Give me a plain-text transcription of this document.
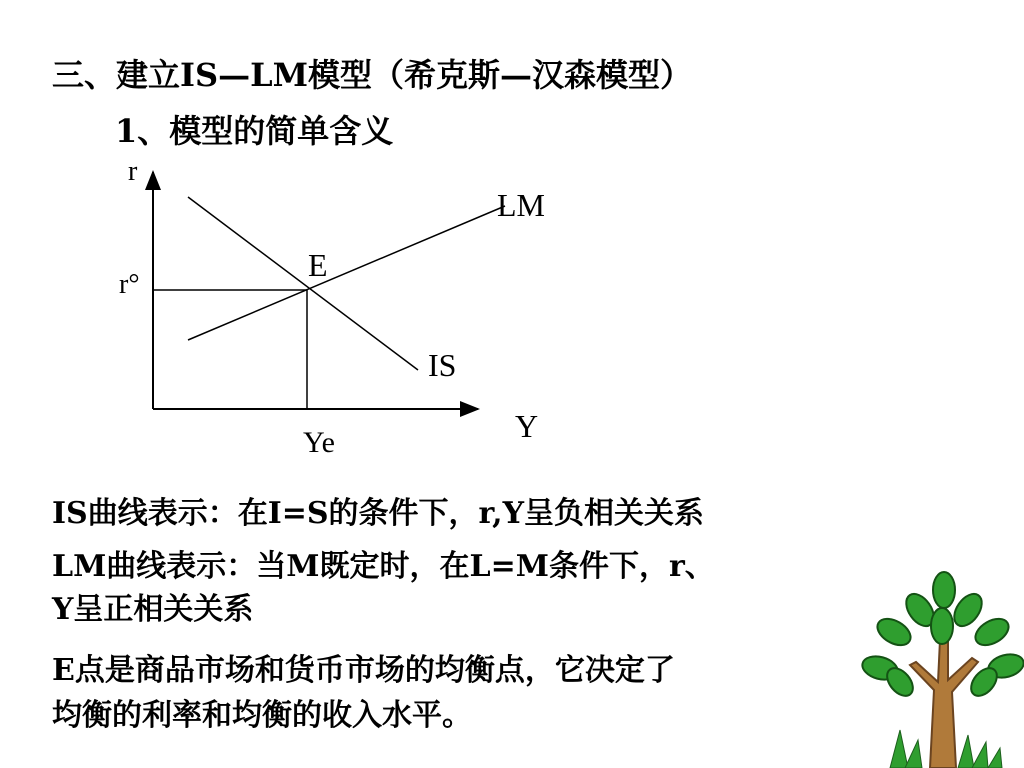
三、建立IS—LM模型（希克斯—汉森模型）
1、模型的简单含义
r
Y
LM
IS
E
r°
Ye
IS曲线表示：在I=S的条件下，r,Y呈负相关关系
LM曲线表示：当M既定时，在L=M条件下，r、
Y呈正相关关系
E点是商品市场和货币市场的均衡点，它决定了
均衡的利率和均衡的收入水平。
